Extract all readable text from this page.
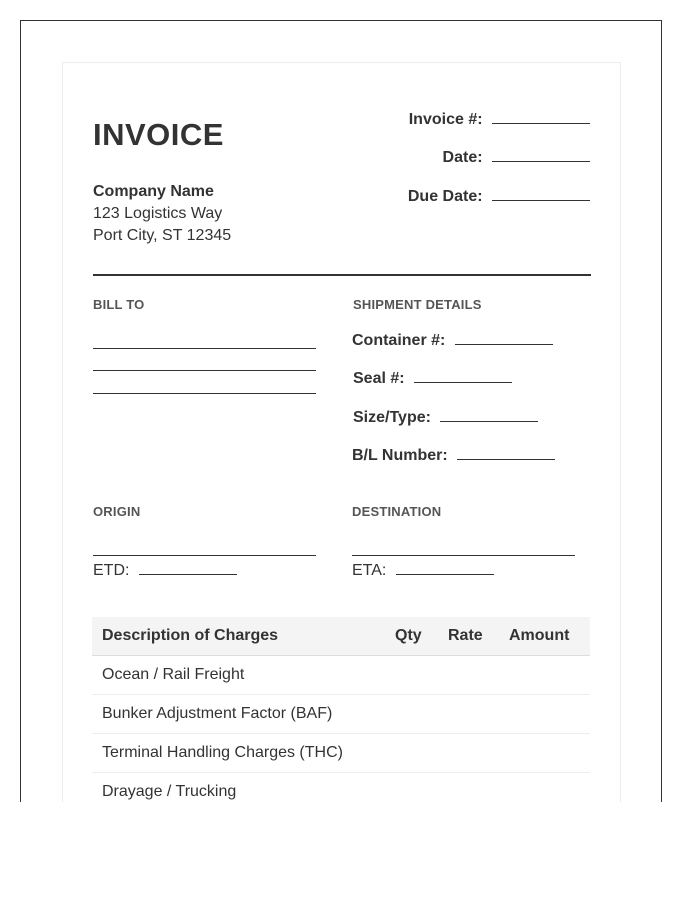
INVOICE
Company Name
123 Logistics Way
Port City, ST 12345
Invoice #:
Date:
Due Date:
BILL TO	SHIPMENT DETAILS
Container #:
Seal #:
Size/Type:
B/L Number:
ORIGIN
ETD:
DESTINATION
ETA:
Description of Charges	Qty Rate Amount
Ocean / Rail Freight
Bunker Adjustment Factor (BAF)
Terminal Handling Charges (THC)
Drayage / Trucking
